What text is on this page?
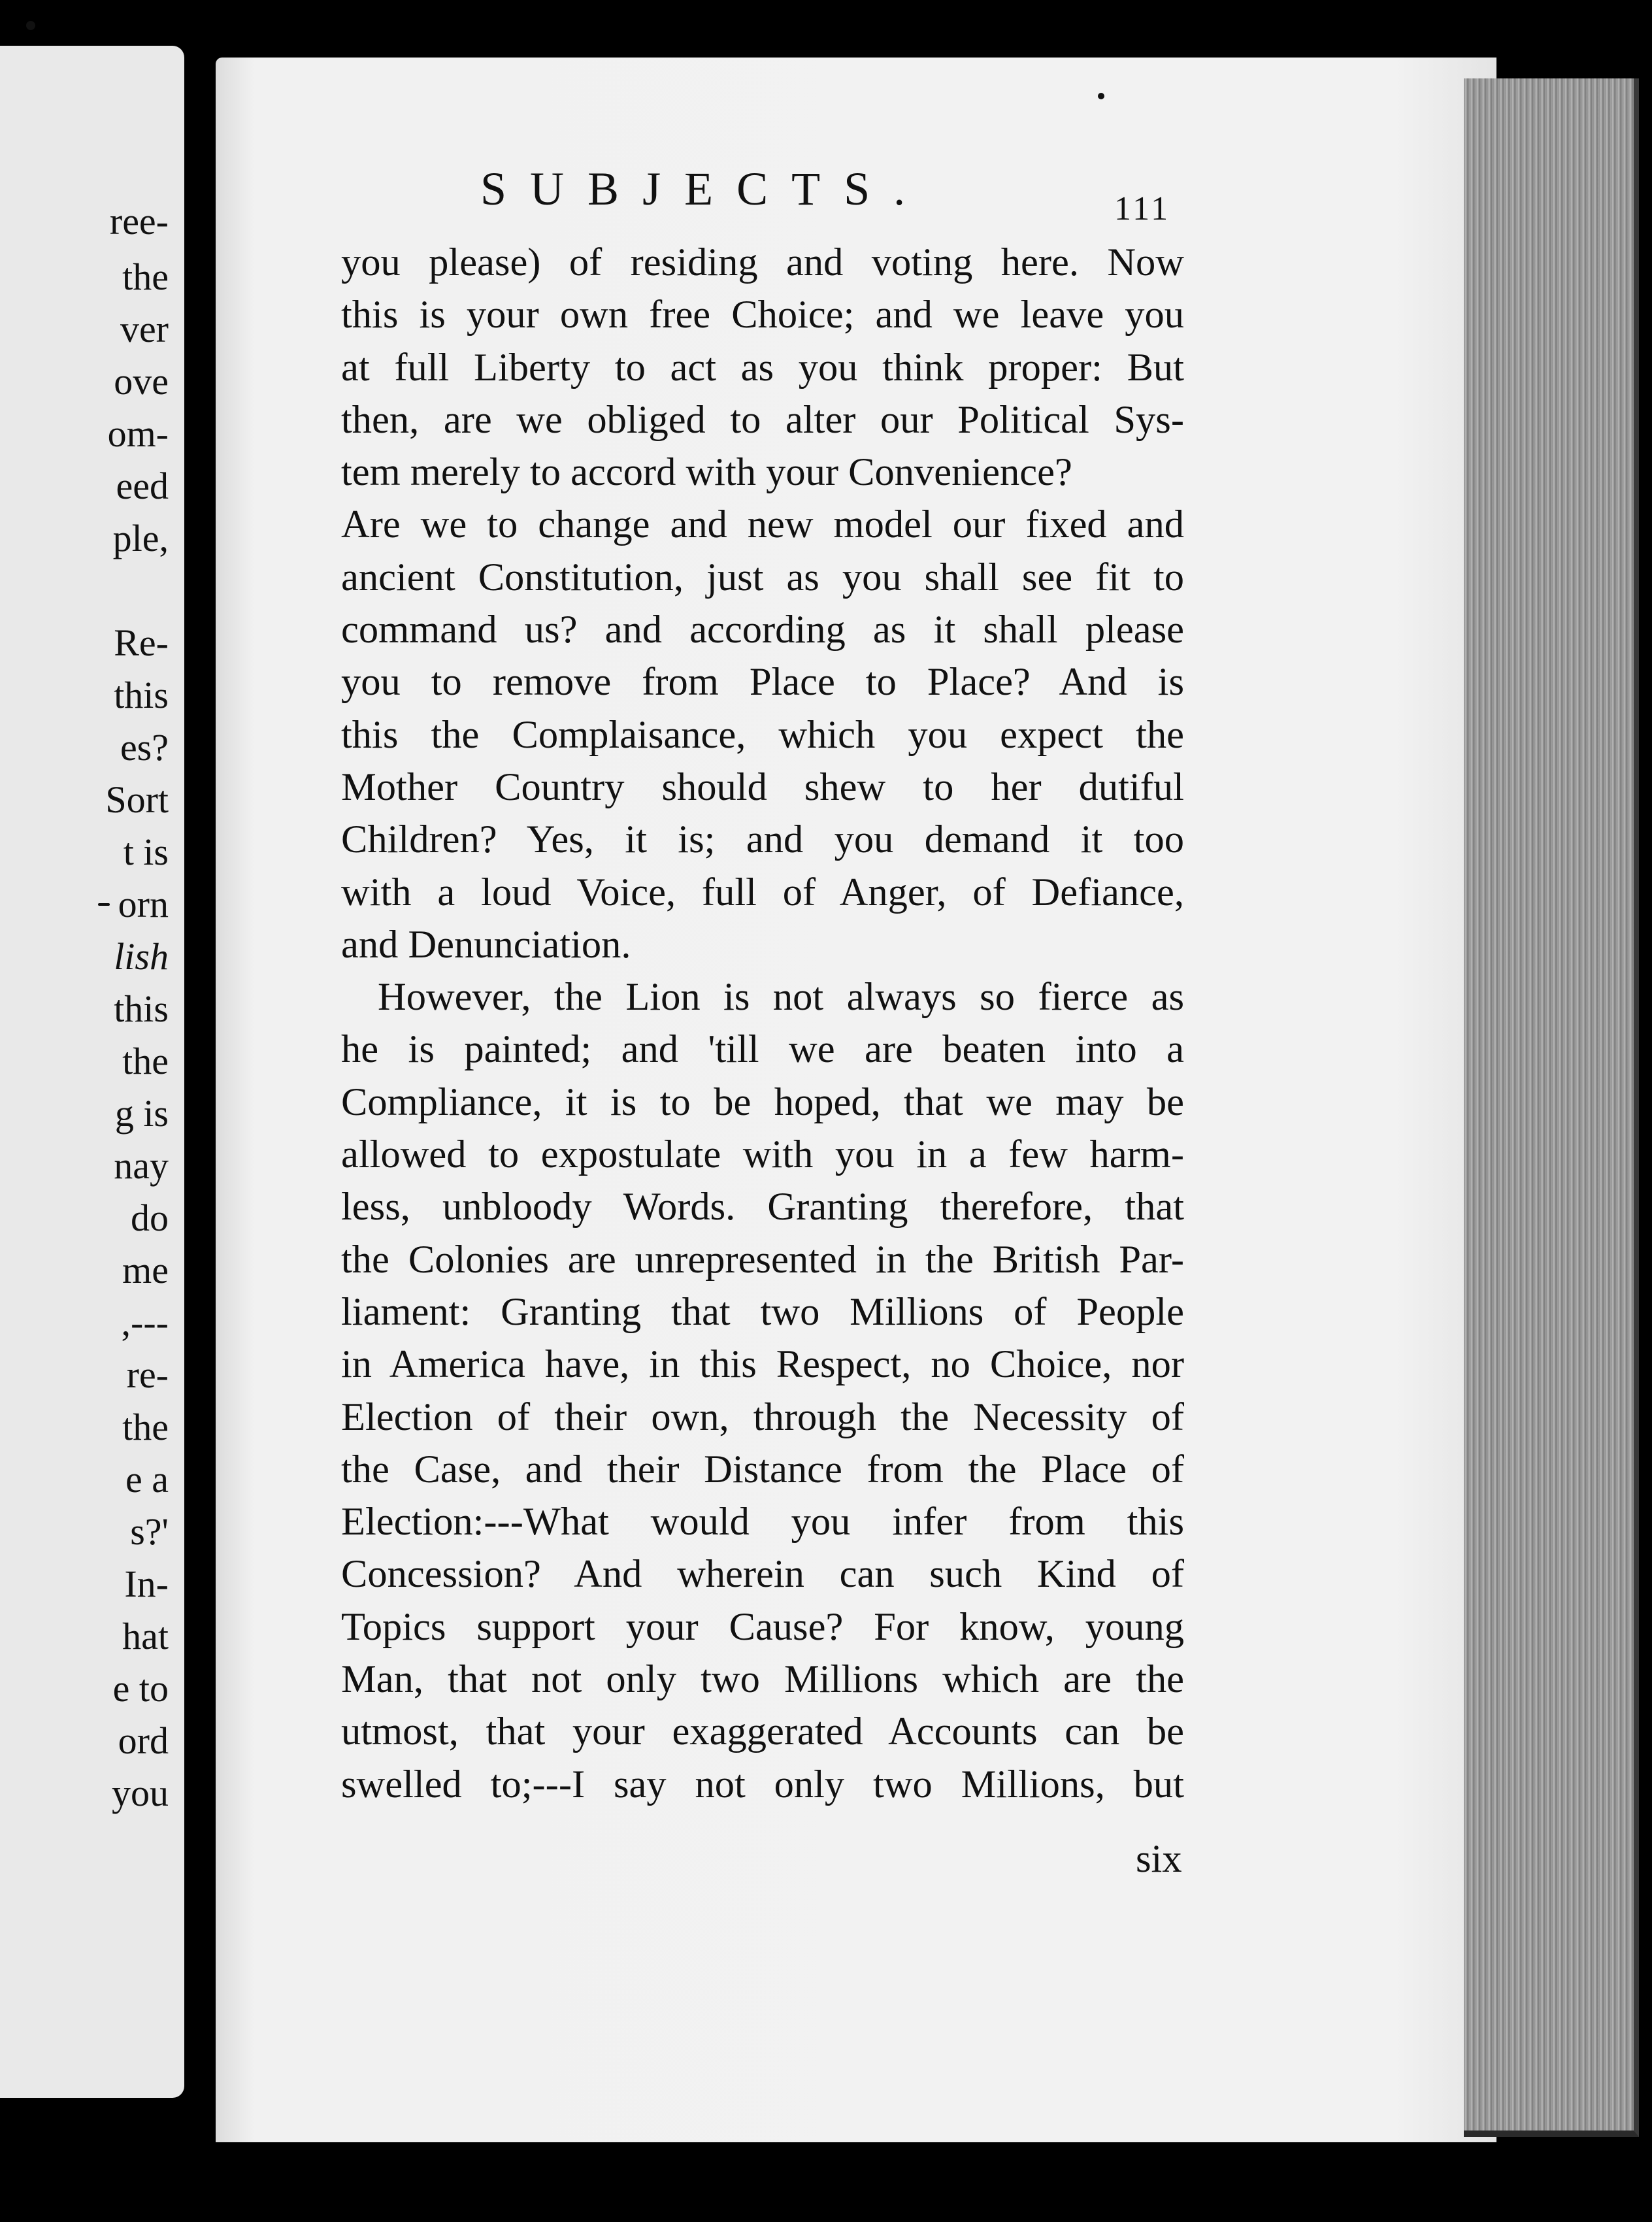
ree-
the
ver
ove
om-
eed
ple,
Re-
this
es?
Sort
t is
orn
lish
this
the
g is
nay
do
me
,---
re-
the
e a
s?'
In-
hat
e to
ord
you
SUBJECTS.	111
you please) of residing and voting here. Now
this is your own free Choice; and we leave you
at full Liberty to act as you think proper: But
then, are we obliged to alter our Political Sys-
tem merely to accord with your Convenience?
Are we to change and new model our fixed and
ancient Constitution, just as you shall see fit to
command us? and according as it shall please
you to remove from Place to Place? And is
this the Complaisance, which you expect the
Mother Country should shew to her dutiful
Children? Yes, it is; and you demand it too
with a loud Voice, full of Anger, of Defiance,
and Denunciation.
However, the Lion is not always so fierce as
he is painted; and 'till we are beaten into a
Compliance, it is to be hoped, that we may be
allowed to expostulate with you in a few harm-
less, unbloody Words. Granting therefore, that
the Colonies are unrepresented in the British Par-
liament: Granting that two Millions of People
in America have, in this Respect, no Choice, nor
Election of their own, through the Necessity of
the Case, and their Distance from the Place of
Election:---What would you infer from this
Concession? And wherein can such Kind of
Topics support your Cause? For know, young
Man, that not only two Millions which are the
utmost, that your exaggerated Accounts can be
swelled to;---I say not only two Millions, but
six
